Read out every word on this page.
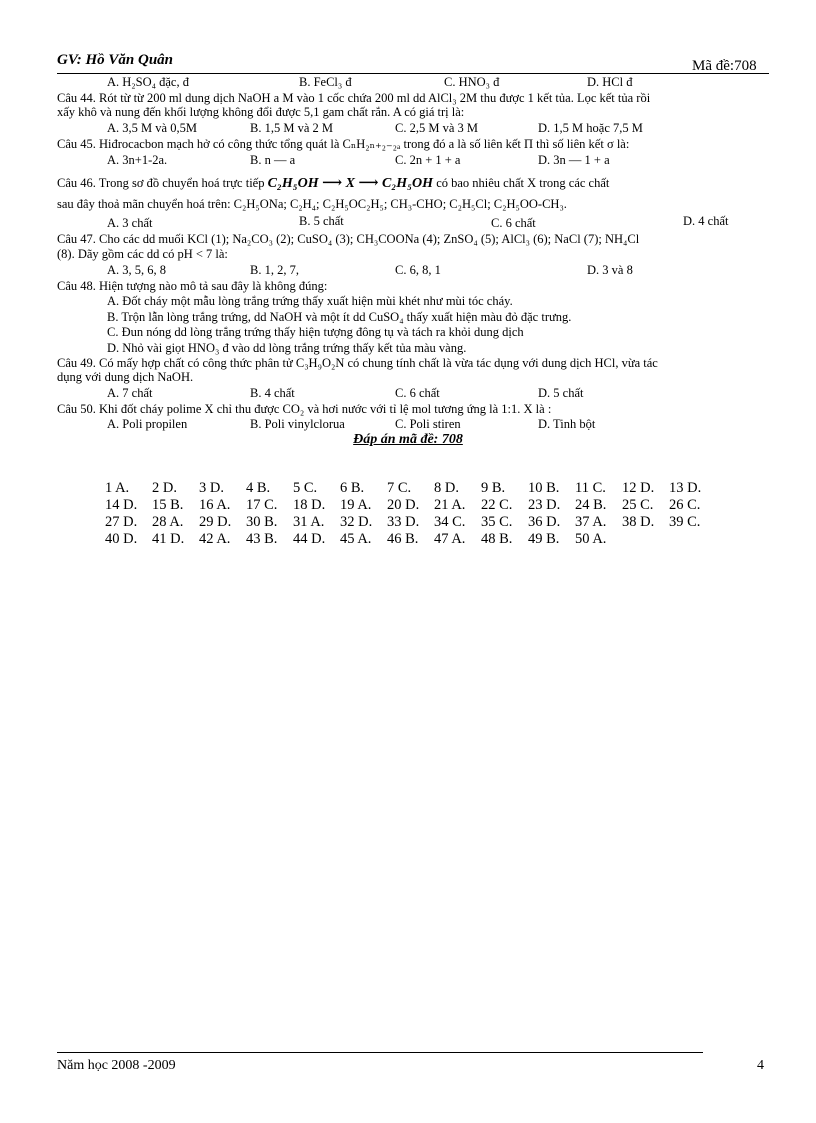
GV: Hồ Văn Quân	Mã đề:708
A. H₂SO₄ đặc, đ	B. FeCl₃ đ	C. HNO₃ đ	D. HCl đ
Câu 44. Rót từ từ 200 ml dung dịch NaOH a M vào 1 cốc chứa 200 ml dd AlCl₃ 2M thu được 1 kết tủa. Lọc kết tủa rồi
xấy khô và nung đến khối lượng không đổi được 5,1 gam chất rắn. A có giá trị là:
A. 3,5 M và 0,5M	B. 1,5 M và 2 M	C. 2,5 M và 3 M	D. 1,5 M hoặc 7,5 M
Câu 45. Hiđrocacbon mạch hở có công thức tổng quát là CₙH₂ₙ₊₂₋₂ₐ trong đó a là số liên kết Π thì số liên kết σ là:
A. 3n+1-2a.	B. n — a	C. 2n + 1 + a	D. 3n — 1 + a
Câu 46. Trong sơ đồ chuyển hoá trực tiếp C₂H₅OH ⟶ X ⟶ C₂H₅OH có bao nhiêu chất X trong các chất
sau đây thoả mãn chuyển hoá trên: C₂H₅ONa; C₂H₄; C₂H₅OC₂H₅; CH₃-CHO; C₂H₅Cl; C₂H₅OO-CH₃.
A. 3 chất	B. 5 chất	C. 6 chất	D. 4 chất
Câu 47. Cho các dd muối KCl (1); Na₂CO₃ (2); CuSO₄ (3); CH₃COONa (4); ZnSO₄ (5); AlCl₃ (6); NaCl (7); NH₄Cl
(8). Dãy gồm các dd có pH < 7 là:
A. 3, 5, 6, 8	B. 1, 2, 7,	C. 6, 8, 1	D. 3 và 8
Câu 48. Hiện tượng nào mô tả sau đây là không đúng:
A. Đốt cháy một mẫu lòng trắng trứng thấy xuất hiện mùi khét như mùi tóc cháy.
B. Trộn lẫn lòng trắng trứng, dd NaOH và một ít dd CuSO₄ thấy xuất hiện màu đỏ đặc trưng.
C. Đun nóng dd lòng trắng trứng thấy hiện tượng đông tụ và tách ra khỏi dung dịch
D. Nhỏ vài giọt HNO₃ đ vào dd lòng trắng trứng thấy kết tủa màu vàng.
Câu 49. Có mấy hợp chất có công thức phân tử C₃H₉O₂N có chung tính chất là vừa tác dụng với dung dịch HCl, vừa tác
dụng với dung dịch NaOH.
A. 7 chất	B. 4 chất	C. 6 chất	D. 5 chất
Câu 50. Khi đốt cháy polime X chỉ thu được CO₂ và hơi nước với tỉ lệ mol tương ứng là 1:1. X là :
A. Poli propilen	B. Poli vinylclorua	C. Poli stiren	D. Tinh bột
Đáp án mã đề: 708
1 A. 2 D. 3 D. 4 B. 5 C. 6 B. 7 C. 8 D. 9 B. 10 B. 11 C. 12 D. 13 D.
14 D. 15 B. 16 A. 17 C. 18 D. 19 A. 20 D. 21 A. 22 C. 23 D. 24 B. 25 C. 26 C.
27 D. 28 A. 29 D. 30 B. 31 A. 32 D. 33 D. 34 C. 35 C. 36 D. 37 A. 38 D. 39 C.
40 D. 41 D. 42 A. 43 B. 44 D. 45 A. 46 B. 47 A. 48 B. 49 B. 50 A.
Năm học 2008 -2009	4
